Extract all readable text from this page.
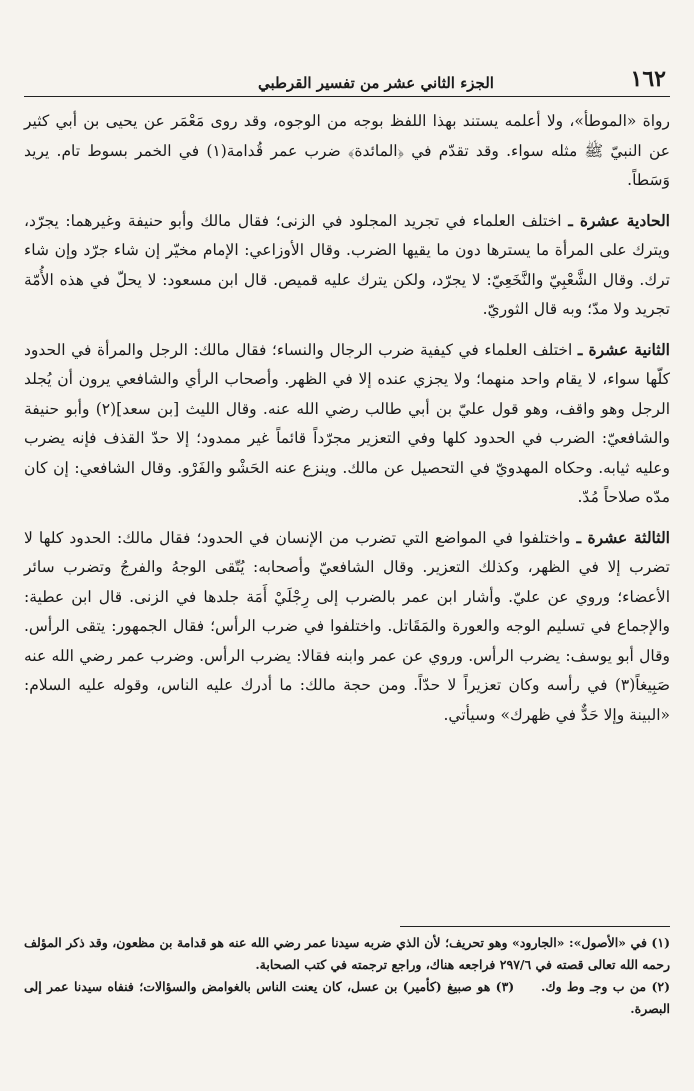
١٦٢
الجزء الثاني عشر من تفسير القرطبي

رواة «الموطأ»، ولا أعلمه يستند بهذا اللفظ بوجه من الوجوه، وقد روى مَعْمَر عن يحيى بن أبي كثير عن النبيّ ﷺ مثله سواء. وقد تقدّم في ﴿المائدة﴾ ضرب عمر قُدامة(١) في الخمر بسوط تام. يريد وَسَطاً.

الحادية عشرة ـ اختلف العلماء في تجريد المجلود في الزنى؛ فقال مالك وأبو حنيفة وغيرهما: يجرّد، ويترك على المرأة ما يسترها دون ما يقيها الضرب. وقال الأوزاعي: الإمام مخيّر إن شاء جرّد وإن شاء ترك. وقال الشَّعْبِيّ والنَّخَعِيّ: لا يجرّد، ولكن يترك عليه قميص. قال ابن مسعود: لا يحلّ في هذه الأُمّة تجريد ولا مدّ؛ وبه قال الثوريّ.

الثانية عشرة ـ اختلف العلماء في كيفية ضرب الرجال والنساء؛ فقال مالك: الرجل والمرأة في الحدود كلّها سواء، لا يقام واحد منهما؛ ولا يجزي عنده إلا في الظهر. وأصحاب الرأي والشافعي يرون أن يُجلد الرجل وهو واقف، وهو قول عليّ بن أبي طالب رضي الله عنه. وقال الليث [بن سعد](٢) وأبو حنيفة والشافعيّ: الضرب في الحدود كلها وفي التعزير مجرّداً قائماً غير ممدود؛ إلا حدّ القذف فإنه يضرب وعليه ثيابه. وحكاه المهدويّ في التحصيل عن مالك. وينزع عنه الحَشْو والفَرْو. وقال الشافعي: إن كان مدّه صلاحاً مُدّ.

الثالثة عشرة ـ واختلفوا في المواضع التي تضرب من الإنسان في الحدود؛ فقال مالك: الحدود كلها لا تضرب إلا في الظهر، وكذلك التعزير. وقال الشافعيّ وأصحابه: يُتّقى الوجهُ والفرجُ وتضرب سائر الأعضاء؛ وروي عن عليّ. وأشار ابن عمر بالضرب إلى رِجْلَيْ أَمَة جلدها في الزنى. قال ابن عطية: والإجماع في تسليم الوجه والعورة والمَقَاتل. واختلفوا في ضرب الرأس؛ فقال الجمهور: يتقى الرأس. وقال أبو يوسف: يضرب الرأس. وروي عن عمر وابنه فقالا: يضرب الرأس. وضرب عمر رضي الله عنه صَبِيغاً(٣) في رأسه وكان تعزيراً لا حدّاً. ومن حجة مالك: ما أدرك عليه الناس، وقوله عليه السلام: «البينة وإلا حَدٌّ في ظهرك» وسيأتي.

(١) في «الأصول»: «الجارود» وهو تحريف؛ لأن الذي ضربه سيدنا عمر رضي الله عنه هو قدامة بن مظعون، وقد ذكر المؤلف رحمه الله تعالى قصته في ٢٩٧/٦ فراجعه هناك، وراجع ترجمته في كتب الصحابة.

(٢) من ب وجـ وط وك.     (٣) هو صبيغ (كأمير) بن عسل، كان يعنت الناس بالغوامض والسؤالات؛ فنفاه سيدنا عمر إلى البصرة.
